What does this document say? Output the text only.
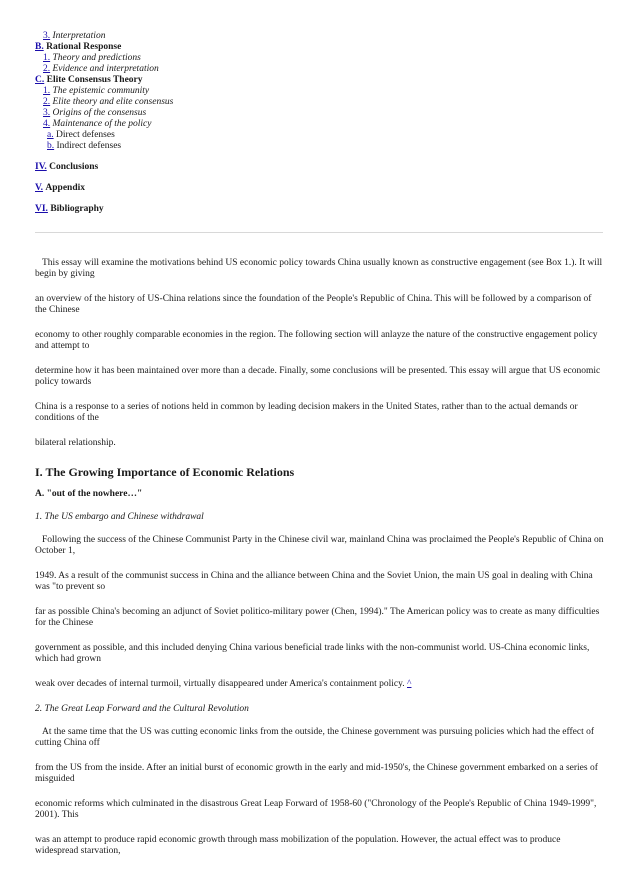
3. Interpretation
B. Rational Response
1. Theory and predictions
2. Evidence and interpretation
C. Elite Consensus Theory
1. The epistemic community
2. Elite theory and elite consensus
3. Origins of the consensus
4. Maintenance of the policy
a. Direct defenses
b. Indirect defenses
IV. Conclusions
V. Appendix
VI. Bibliography

This essay will examine the motivations behind US economic policy towards China usually known as constructive engagement (see Box 1.). It will begin by giving

an overview of the history of US-China relations since the foundation of the People's Republic of China. This will be followed by a comparison of the Chinese

economy to other roughly comparable economies in the region. The following section will anlayze the nature of the constructive engagement policy and attempt to

determine how it has been maintained over more than a decade. Finally, some conclusions will be presented. This essay will argue that US economic policy towards

China is a response to a series of notions held in common by leading decision makers in the United States, rather than to the actual demands or conditions of the

bilateral relationship.

I. The Growing Importance of Economic Relations
A. "out of the nowhere…"
1. The US embargo and Chinese withdrawal

Following the success of the Chinese Communist Party in the Chinese civil war, mainland China was proclaimed the People's Republic of China on October 1,

1949. As a result of the communist success in China and the alliance between China and the Soviet Union, the main US goal in dealing with China was "to prevent so

far as possible China's becoming an adjunct of Soviet politico-military power (Chen, 1994)." The American policy was to create as many difficulties for the Chinese

government as possible, and this included denying China various beneficial trade links with the non-communist world. US-China economic links, which had grown

weak over decades of internal turmoil, virtually disappeared under America's containment policy. ^

2. The Great Leap Forward and the Cultural Revolution

At the same time that the US was cutting economic links from the outside, the Chinese government was pursuing policies which had the effect of cutting China off

from the US from the inside. After an initial burst of economic growth in the early and mid-1950's, the Chinese government embarked on a series of misguided

economic reforms which culminated in the disastrous Great Leap Forward of 1958-60 ("Chronology of the People's Republic of China 1949-1999", 2001). This

was an attempt to produce rapid economic growth through mass mobilization of the population. However, the actual effect was to produce widespread starvation,
